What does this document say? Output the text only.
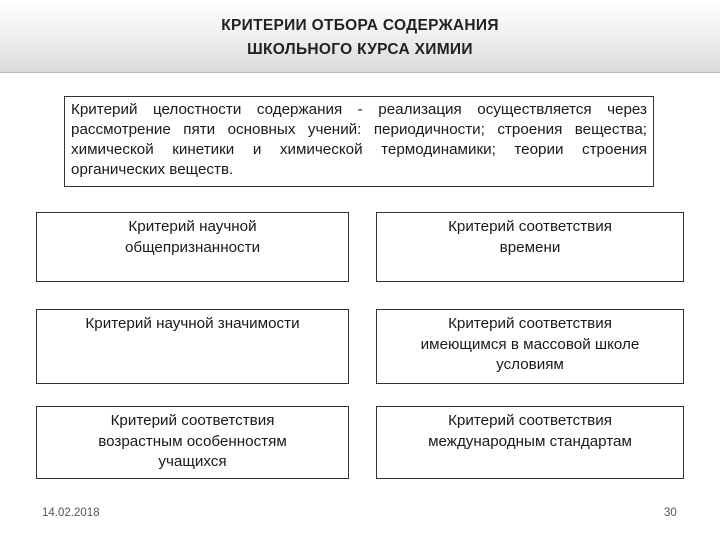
КРИТЕРИИ ОТБОРА СОДЕРЖАНИЯ
ШКОЛЬНОГО КУРСА ХИМИИ
Критерий целостности содержания - реализация осуществляется через рассмотрение пяти основных учений: периодичности; строения вещества; химической кинетики и химической термодинамики; теории строения органических веществ.
Критерий научной
общепризнанности
Критерий соответствия
времени
Критерий научной значимости	Критерий соответствия
имеющимся в массовой школе
условиям
Критерий соответствия
возрастным особенностям
учащихся
Критерий соответствия
международным стандартам
14.02.2018	30
